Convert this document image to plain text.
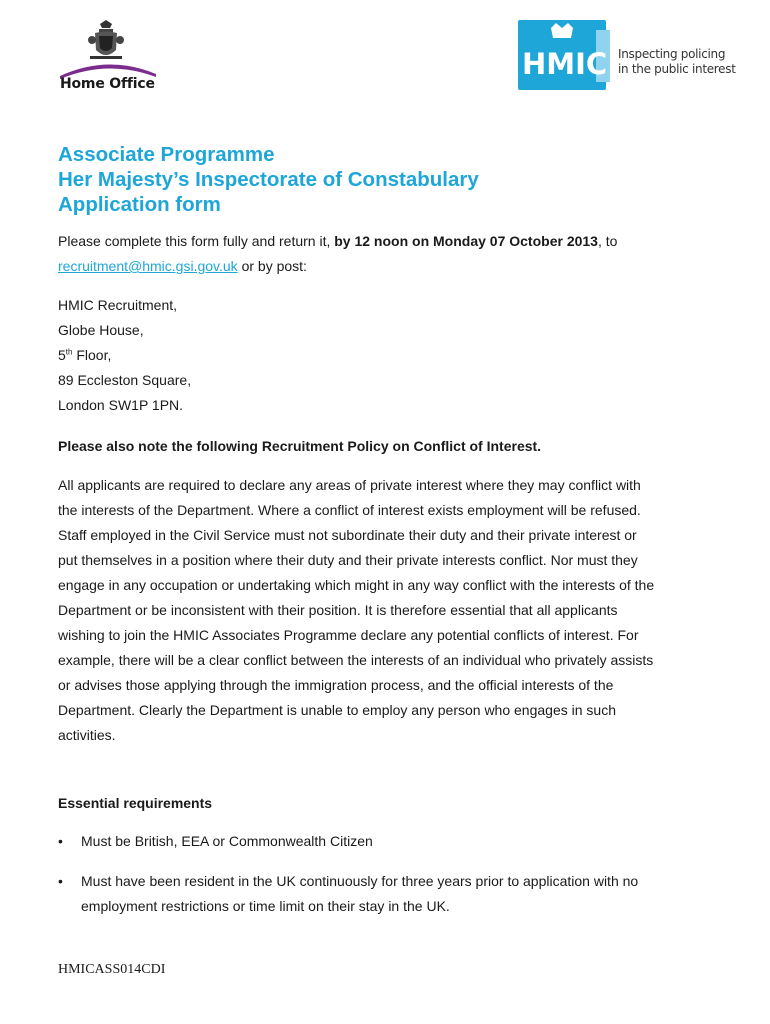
Home Office
HMIC Inspecting policing
in the public interest
Associate Programme
Her Majesty’s Inspectorate of Constabulary
Application form
Please complete this form fully and return it, by 12 noon on Monday 07 October 2013, to recruitment@hmic.gsi.gov.uk or by post:
HMIC Recruitment,
Globe House,
5th Floor,
89 Eccleston Square,
London SW1P 1PN.
Please also note the following Recruitment Policy on Conflict of Interest.
All applicants are required to declare any areas of private interest where they may conflict with the interests of the Department. Where a conflict of interest exists employment will be refused. Staff employed in the Civil Service must not subordinate their duty and their private interest or put themselves in a position where their duty and their private interests conflict. Nor must they engage in any occupation or undertaking which might in any way conflict with the interests of the Department or be inconsistent with their position. It is therefore essential that all applicants wishing to join the HMIC Associates Programme declare any potential conflicts of interest. For example, there will be a clear conflict between the interests of an individual who privately assists or advises those applying through the immigration process, and the official interests of the Department. Clearly the Department is unable to employ any person who engages in such activities.
Essential requirements
• Must be British, EEA or Commonwealth Citizen
• Must have been resident in the UK continuously for three years prior to application with no employment restrictions or time limit on their stay in the UK.
HMICASS014CDI
